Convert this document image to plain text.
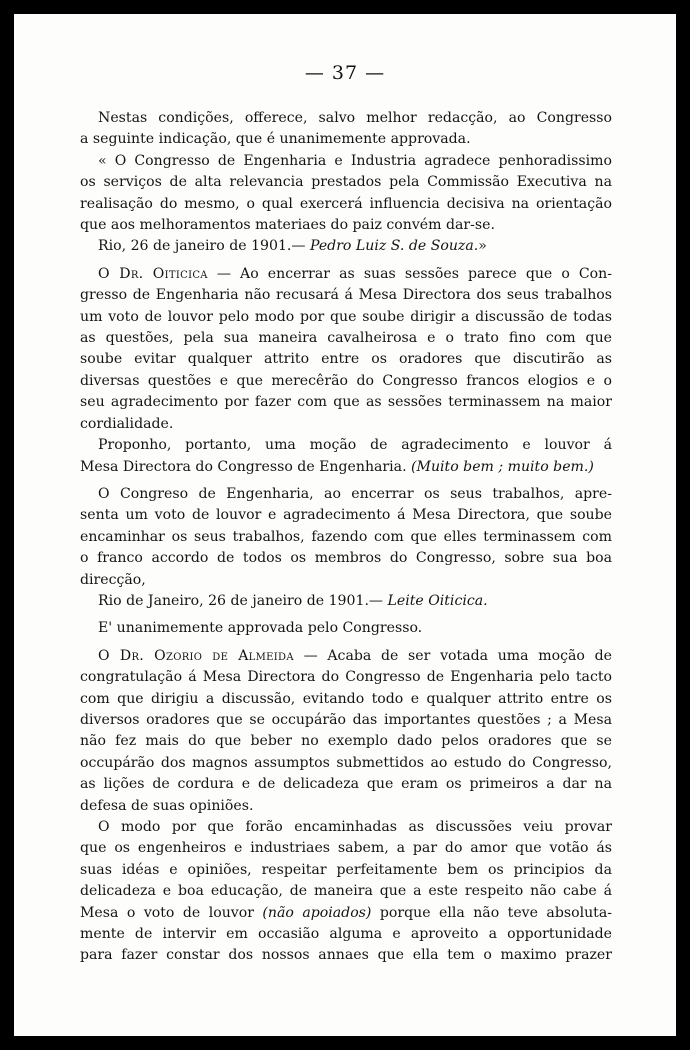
— 37 —

Nestas condições, offerece, salvo melhor redacção, ao Congresso
a seguinte indicação, que é unanimemente approvada.

« O Congresso de Engenharia e Industria agradece penhoradissimo
os serviços de alta relevancia prestados pela Commissão Executiva na
realisação do mesmo, o qual exercerá influencia decisiva na orientação
que aos melhoramentos materiaes do paiz convém dar-se.

Rio, 26 de janeiro de 1901.— Pedro Luiz S. de Souza.»

O Dr. Oiticica — Ao encerrar as suas sessões parece que o Con-
gresso de Engenharia não recusará á Mesa Directora dos seus trabalhos
um voto de louvor pelo modo por que soube dirigir a discussão de todas
as questões, pela sua maneira cavalheirosa e o trato fino com que
soube evitar qualquer attrito entre os oradores que discutirão as
diversas questões e que merecêrão do Congresso francos elogios e o
seu agradecimento por fazer com que as sessões terminassem na maior
cordialidade.

Proponho, portanto, uma moção de agradecimento e louvor á
Mesa Directora do Congresso de Engenharia. (Muito bem ; muito bem.)

O Congreso de Engenharia, ao encerrar os seus trabalhos, apre-
senta um voto de louvor e agradecimento á Mesa Directora, que soube
encaminhar os seus trabalhos, fazendo com que elles terminassem com
o franco accordo de todos os membros do Congresso, sobre sua boa
direcção,

Rio de Janeiro, 26 de janeiro de 1901.— Leite Oiticica.

E' unanimemente approvada pelo Congresso.

O Dr. Ozorio de Almeida — Acaba de ser votada uma moção de
congratulação á Mesa Directora do Congresso de Engenharia pelo tacto
com que dirigiu a discussão, evitando todo e qualquer attrito entre os
diversos oradores que se occupárão das importantes questões ; a Mesa
não fez mais do que beber no exemplo dado pelos oradores que se
occupárão dos magnos assumptos submettidos ao estudo do Congresso,
as lições de cordura e de delicadeza que eram os primeiros a dar na
defesa de suas opiniões.

O modo por que forão encaminhadas as discussões veiu provar
que os engenheiros e industriaes sabem, a par do amor que votão ás
suas idéas e opiniões, respeitar perfeitamente bem os principios da
delicadeza e boa educação, de maneira que a este respeito não cabe á
Mesa o voto de louvor (não apoiados) porque ella não teve absoluta-
mente de intervir em occasião alguma e aproveito a opportunidade
para fazer constar dos nossos annaes que ella tem o maximo prazer
